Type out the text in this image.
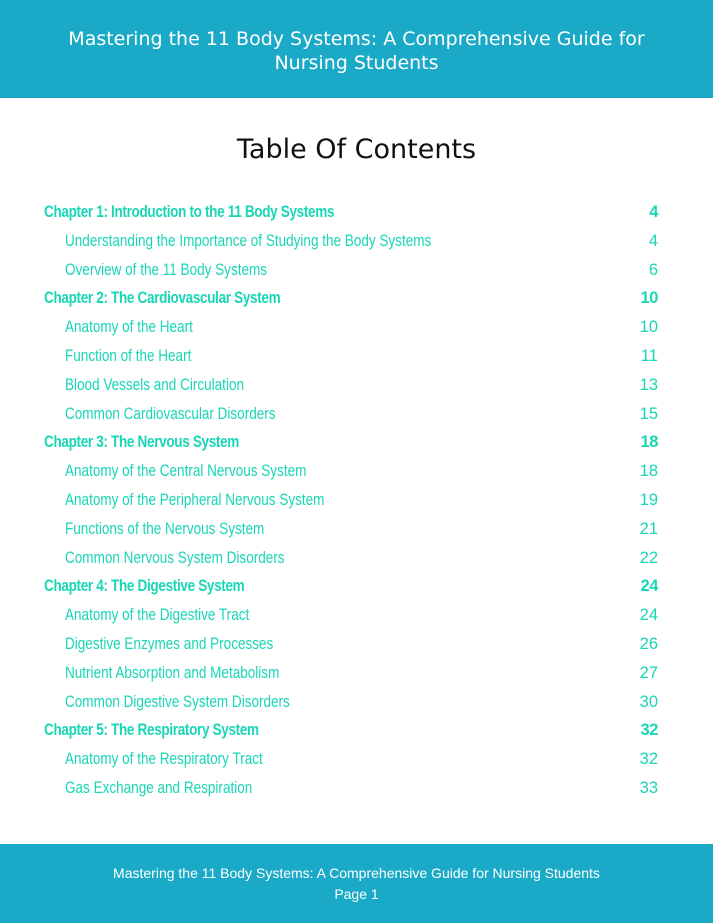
Mastering the 11 Body Systems: A Comprehensive Guide for Nursing Students
Table Of Contents
Chapter 1: Introduction to the 11 Body Systems	4
Understanding the Importance of Studying the Body Systems	4
Overview of the 11 Body Systems	6
Chapter 2: The Cardiovascular System	10
Anatomy of the Heart	10
Function of the Heart	11
Blood Vessels and Circulation	13
Common Cardiovascular Disorders	15
Chapter 3: The Nervous System	18
Anatomy of the Central Nervous System	18
Anatomy of the Peripheral Nervous System	19
Functions of the Nervous System	21
Common Nervous System Disorders	22
Chapter 4: The Digestive System	24
Anatomy of the Digestive Tract	24
Digestive Enzymes and Processes	26
Nutrient Absorption and Metabolism	27
Common Digestive System Disorders	30
Chapter 5: The Respiratory System	32
Anatomy of the Respiratory Tract	32
Gas Exchange and Respiration	33
Mastering the 11 Body Systems: A Comprehensive Guide for Nursing Students
Page 1
